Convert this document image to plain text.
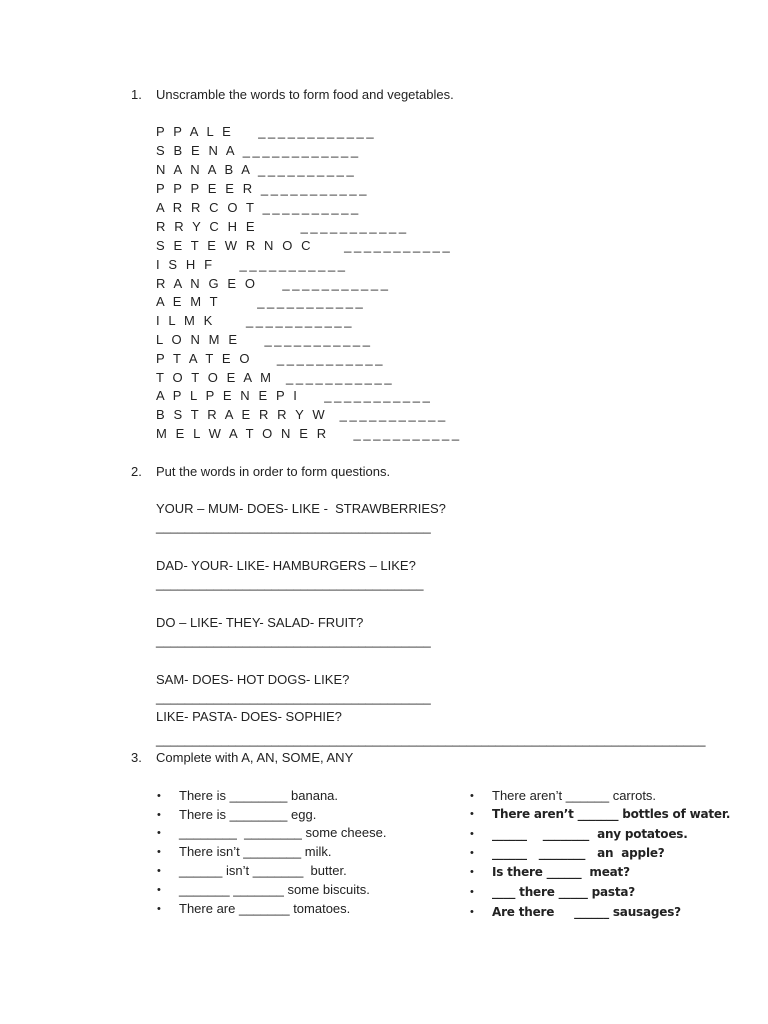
1. Unscramble the words to form food and vegetables.
P P A L E    ____________
S B E N A ____________
N A N A B A __________
P P P E E R ___________
A R R C O T __________
R R Y C H E       ___________
S E T E W R N O C     ___________
I S H F    ___________
R A N G E O    ___________
A E M T      ___________
I L M K     ___________
L O N M E    ___________
P T A T E O    ___________
T O T O E A M  ___________
A P L P E N E P I    ___________
B S T R A E R R Y W  ___________
M E L W A T O N E R    ___________
2. Put the words in order to form questions.
YOUR – MUM- DOES- LIKE -  STRAWBERRIES?
______________________________________
DAD- YOUR- LIKE- HAMBURGERS – LIKE?
_____________________________________
DO – LIKE- THEY- SALAD- FRUIT?
______________________________________
SAM- DOES- HOT DOGS- LIKE?
______________________________________
LIKE- PASTA- DOES- SOPHIE?
____________________________________________________________________________
3. Complete with A, AN, SOME, ANY
• There is ________ banana.
• There is ________ egg.
• ________  ________ some cheese.
• There isn’t ________ milk.
• ______ isn’t _______  butter.
• _______ _______ some biscuits.
• There are _______ tomatoes.
• There aren’t ______ carrots.
• There aren’t _______ bottles of water.
• ______    ________  any potatoes.
• ______   ________   an  apple?
• Is there ______  meat?
• ____ there _____ pasta?
• Are there     ______ sausages?
